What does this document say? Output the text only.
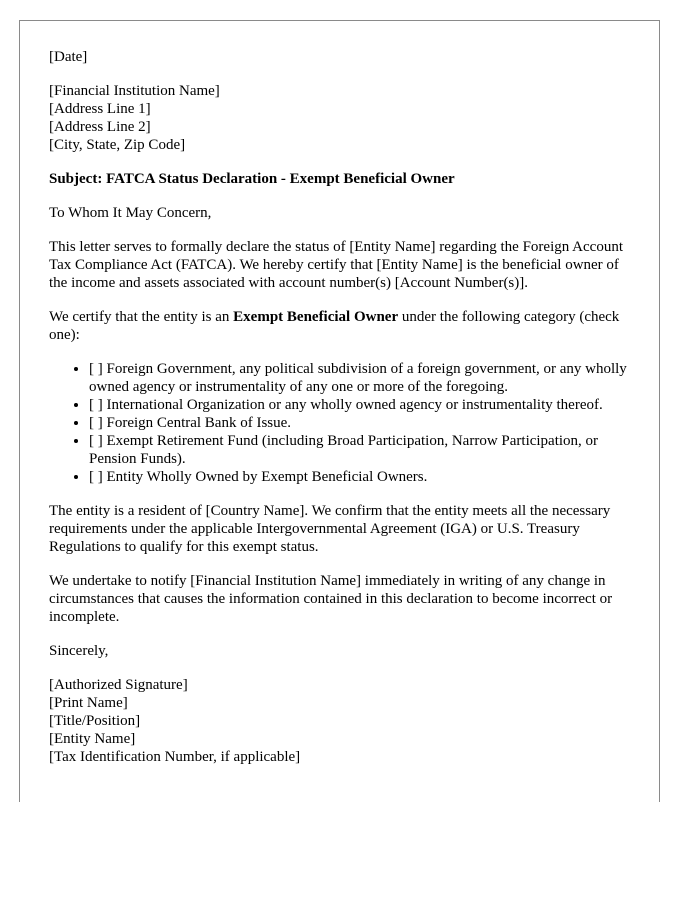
[Date]

[Financial Institution Name]
[Address Line 1]
[Address Line 2]
[City, State, Zip Code]

Subject: FATCA Status Declaration - Exempt Beneficial Owner

To Whom It May Concern,

This letter serves to formally declare the status of [Entity Name] regarding the Foreign Account Tax Compliance Act (FATCA). We hereby certify that [Entity Name] is the beneficial owner of the income and assets associated with account number(s) [Account Number(s)].

We certify that the entity is an Exempt Beneficial Owner under the following category (check one):

• [ ] Foreign Government, any political subdivision of a foreign government, or any wholly owned agency or instrumentality of any one or more of the foregoing.
• [ ] International Organization or any wholly owned agency or instrumentality thereof.
• [ ] Foreign Central Bank of Issue.
• [ ] Exempt Retirement Fund (including Broad Participation, Narrow Participation, or Pension Funds).
• [ ] Entity Wholly Owned by Exempt Beneficial Owners.

The entity is a resident of [Country Name]. We confirm that the entity meets all the necessary requirements under the applicable Intergovernmental Agreement (IGA) or U.S. Treasury Regulations to qualify for this exempt status.

We undertake to notify [Financial Institution Name] immediately in writing of any change in circumstances that causes the information contained in this declaration to become incorrect or incomplete.

Sincerely,

[Authorized Signature]
[Print Name]
[Title/Position]
[Entity Name]
[Tax Identification Number, if applicable]
